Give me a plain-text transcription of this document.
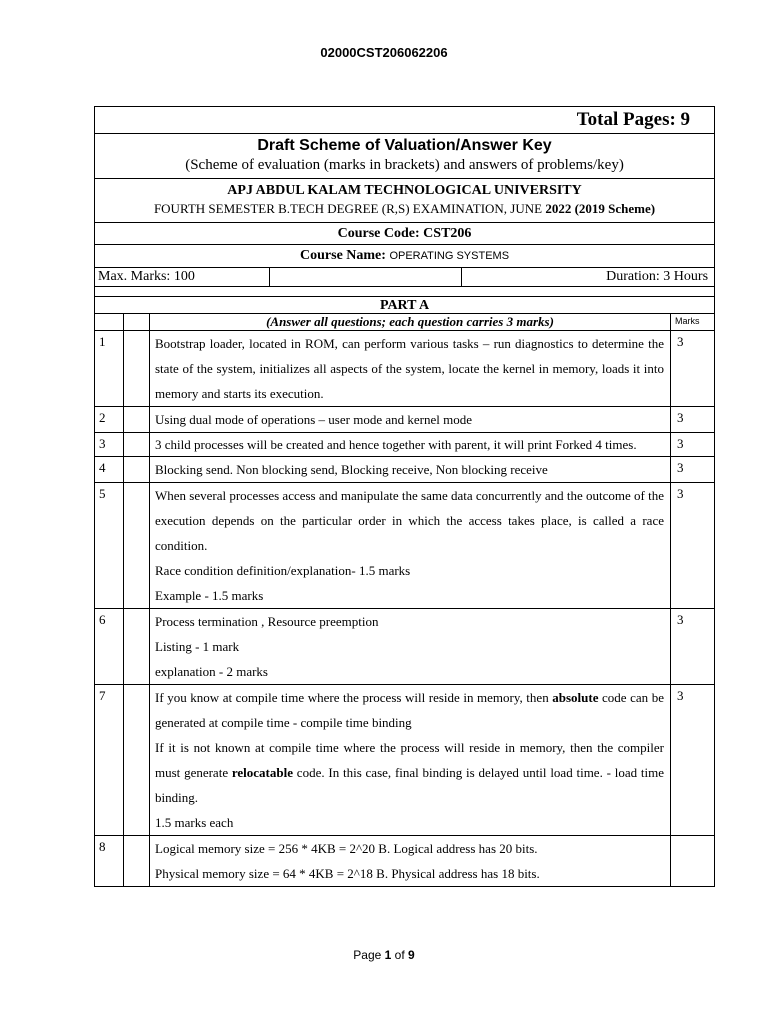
02000CST206062206
Total Pages: 9					

Draft Scheme of Valuation/Answer Key
(Scheme of evaluation (marks in brackets) and answers of problems/key)					

APJ ABDUL KALAM TECHNOLOGICAL UNIVERSITY
FOURTH SEMESTER B.TECH DEGREE (R,S) EXAMINATION, JUNE 2022 (2019 Scheme)					

Course Code: CST206					
Course Name: OPERATING SYSTEMS					
Max. Marks: 100				Duration: 3 Hours	

PART A					
		(Answer all questions; each question carries 3 marks)			Marks
1		Bootstrap loader, located in ROM, can perform various tasks – run diagnostics to determine the state of the system, initializes all aspects of the system, locate the kernel in memory, loads it into memory and starts its execution.			3
2		Using dual mode of operations – user mode and kernel mode			3
3		3 child processes will be created and hence together with parent, it will print Forked 4 times.			3
4		Blocking send. Non blocking send, Blocking receive, Non blocking receive			3
5		When several processes access and manipulate the same data concurrently and the outcome of the execution depends on the particular order in which the access takes place, is called a race condition.

Race condition definition/explanation- 1.5 marks

Example - 1.5 marks			3
6		Process termination , Resource preemption

Listing - 1 mark

explanation - 2 marks			3
7		If you know at compile time where the process will reside in memory, then absolute code can be generated at compile time - compile time binding

If it is not known at compile time where the process will reside in memory, then the compiler must generate relocatable code. In this case, final binding is delayed until load time. - load time binding.

1.5 marks each			3
8		Logical memory size = 256 * 4KB = 2^20 B. Logical address has 20 bits.

Physical memory size = 64 * 4KB = 2^18 B. Physical address has 18 bits.			

Page 1 of 9
